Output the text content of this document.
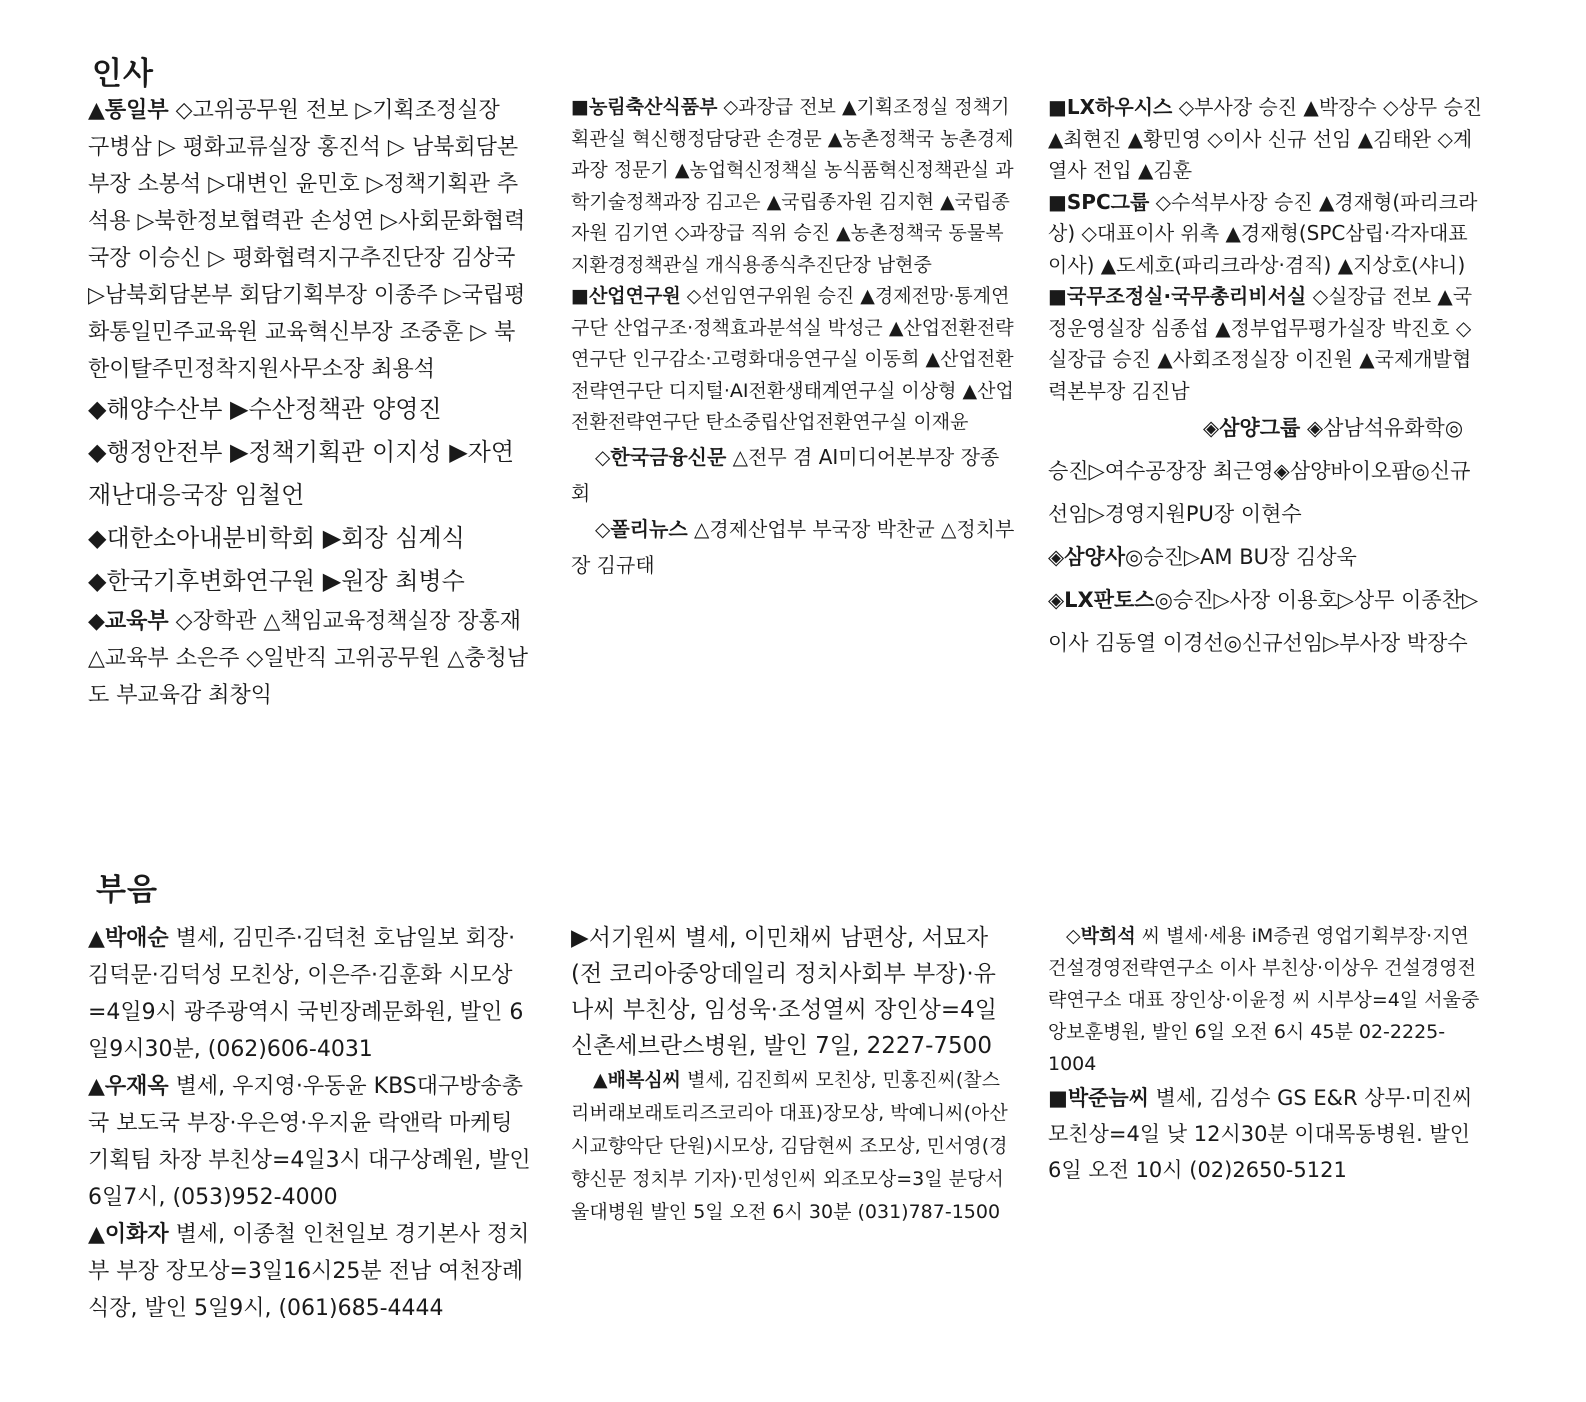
인사

▲통일부 ◇고위공무원 전보 ▷기획조정실장 구병삼 ▷ 평화교류실장 홍진석 ▷ 남북회담본부장 소봉석 ▷대변인 윤민호 ▷정책기획관 추석용 ▷북한정보협력관 손성연 ▷사회문화협력국장 이승신 ▷ 평화협력지구추진단장 김상국 ▷남북회담본부 회담기획부장 이종주 ▷국립평화통일민주교육원 교육혁신부장 조중훈 ▷ 북한이탈주민정착지원사무소장 최용석

◆해양수산부 ▶수산정책관 양영진

◆행정안전부 ▶정책기획관 이지성 ▶자연재난대응국장 임철언

◆대한소아내분비학회 ▶회장 심계식

◆한국기후변화연구원 ▶원장 최병수

◆교육부 ◇장학관 △책임교육정책실장 장홍재 △교육부 소은주 ◇일반직 고위공무원 △충청남도 부교육감 최창익

■농림축산식품부 ◇과장급 전보 ▲기획조정실 정책기획관실 혁신행정담당관 손경문 ▲농촌정책국 농촌경제과장 정문기 ▲농업혁신정책실 농식품혁신정책관실 과학기술정책과장 김고은 ▲국립종자원 김지현 ▲국립종자원 김기연 ◇과장급 직위 승진 ▲농촌정책국 동물복지환경정책관실 개식용종식추진단장 남현중

■산업연구원 ◇선임연구위원 승진 ▲경제전망·통계연구단 산업구조·정책효과분석실 박성근 ▲산업전환전략연구단 인구감소·고령화대응연구실 이동희 ▲산업전환전략연구단 디지털·AI전환생태계연구실 이상형 ▲산업전환전략연구단 탄소중립산업전환연구실 이재윤

◇한국금융신문 △전무 겸 AI미디어본부장 장종회

◇폴리뉴스 △경제산업부 부국장 박찬균 △정치부장 김규태

■LX하우시스 ◇부사장 승진 ▲박장수 ◇상무 승진 ▲최현진 ▲황민영 ◇이사 신규 선임 ▲김태완 ◇계열사 전입 ▲김훈

■SPC그룹 ◇수석부사장 승진 ▲경재형(파리크라상) ◇대표이사 위촉 ▲경재형(SPC삼립·각자대표 이사) ▲도세호(파리크라상·겸직) ▲지상호(샤니)

■국무조정실·국무총리비서실 ◇실장급 전보 ▲국정운영실장 심종섭 ▲정부업무평가실장 박진호 ◇실장급 승진 ▲사회조정실장 이진원 ▲국제개발협력본부장 김진남

◈삼양그룹 ◈삼남석유화학◎

승진▷여수공장장 최근영◈삼양바이오팜◎신규선임▷경영지원PU장 이현수

◈삼양사◎승진▷AM BU장 김상욱

◈LX판토스◎승진▷사장 이용호▷상무 이종찬▷이사 김동열 이경선◎신규선임▷부사장 박장수

부음

▲박애순 별세, 김민주·김덕천 호남일보 회장·김덕문·김덕성 모친상, 이은주·김훈화 시모상=4일9시 광주광역시 국빈장례문화원, 발인 6일9시30분, (062)606-4031

▲우재옥 별세, 우지영·우동윤 KBS대구방송총국 보도국 부장·우은영·우지윤 락앤락 마케팅기획팀 차장 부친상=4일3시 대구상례원, 발인 6일7시, (053)952-4000

▲이화자 별세, 이종철 인천일보 경기본사 정치부 부장 장모상=3일16시25분 전남 여천장례식장, 발인 5일9시, (061)685-4444

▶서기원씨 별세, 이민채씨 남편상, 서묘자(전 코리아중앙데일리 정치사회부 부장)·유나씨 부친상, 임성욱·조성열씨 장인상=4일 신촌세브란스병원, 발인 7일, 2227-7500

▲배복심씨 별세, 김진희씨 모친상, 민홍진씨(찰스리버래보래토리즈코리아 대표)장모상, 박예니씨(아산시교향악단 단원)시모상, 김담현씨 조모상, 민서영(경향신문 정치부 기자)·민성인씨 외조모상=3일 분당서울대병원 발인 5일 오전 6시 30분 (031)787-1500

◇박희석 씨 별세·세용 iM증권 영업기획부장·지연 건설경영전략연구소 이사 부친상·이상우 건설경영전략연구소 대표 장인상·이윤정 씨 시부상=4일 서울중앙보훈병원, 발인 6일 오전 6시 45분 02-2225-1004

■박준늠씨 별세, 김성수 GS E&R 상무·미진씨 모친상=4일 낮 12시30분 이대목동병원. 발인 6일 오전 10시 (02)2650-5121
